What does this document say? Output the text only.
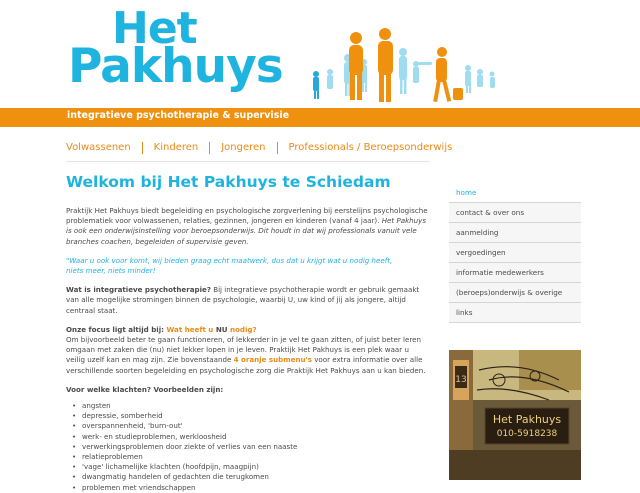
Het
Pakhuys
integratieve psychotherapie & supervisie
Volwassenen	Kinderen	Jongeren	Professionals / Beroepsonderwijs
Welkom bij Het Pakhuys te Schiedam

Praktijk Het Pakhuys biedt begeleiding en psychologische zorgverlening bij eerstelijns psychologische problematiek voor volwassenen, relaties, gezinnen, jongeren en kinderen (vanaf 4 jaar). Het Pakhuys is ook een onderwijsinstelling voor beroepsonderwijs. Dit houdt in dat wij professionals vanuit vele branches coachen, begeleiden of supervisie geven.

"Waar u ook voor komt, wij bieden graag echt maatwerk, dus dat u krijgt wat u nodig heeft,
niets meer, niets minder!

Wat is integratieve psychotherapie? Bij integratieve psychotherapie wordt er gebruik gemaakt van alle mogelijke stromingen binnen de psychologie, waarbij U, uw kind of jij als jongere, altijd centraal staat.

Onze focus ligt altijd bij: Wat heeft u NU nodig?
Om bijvoorbeeld beter te gaan functioneren, of lekkerder in je vel te gaan zitten, of juist beter leren omgaan met zaken die (nu) niet lekker lopen in je leven. Praktijk Het Pakhuys is een plek waar u veilig uzelf kan en mag zijn. Zie bovenstaande 4 oranje submenu's voor extra informatie over alle verschillende soorten begeleiding en psychologische zorg die Praktijk Het Pakhuys aan u kan bieden.

Voor welke klachten? Voorbeelden zijn:

• angsten
• depressie, somberheid
• overspannenheid, 'burn-out'
• werk- en studieproblemen, werkloosheid
• verwerkingsproblemen door ziekte of verlies van een naaste
• relatieproblemen
• 'vage' lichamelijke klachten (hoofdpijn, maagpijn)
• dwangmatig handelen of gedachten die terugkomen
• problemen met vriendschappen
home
contact & over ons
aanmelding
vergoedingen
informatie medewerkers
(beroeps)onderwijs & overige
links
13
Het Pakhuys
010-5918238
